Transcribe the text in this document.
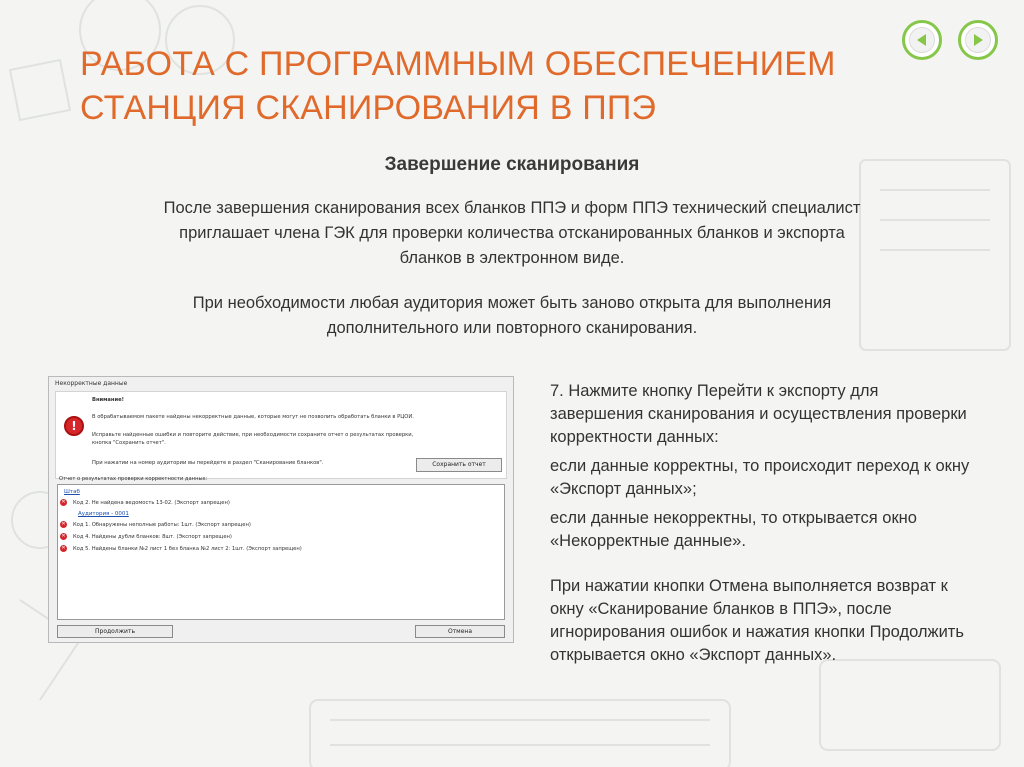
РАБОТА С ПРОГРАММНЫМ ОБЕСПЕЧЕНИЕМ
СТАНЦИЯ СКАНИРОВАНИЯ В ППЭ
Завершение сканирования

После завершения сканирования всех бланков ППЭ и форм ППЭ технический специалист приглашает члена ГЭК для проверки количества отсканированных бланков и экспорта бланков в электронном виде.

При необходимости любая аудитория может быть заново открыта для выполнения дополнительного или повторного сканирования.

Некорректные данные
!
Внимание!
В обрабатываемом пакете найдены некорректные данные, которые могут не позволить обработать бланки в РЦОИ.
Исправьте найденные ошибки и повторите действие, при необходимости сохраните отчет о результатах проверки,
кнопка "Сохранить отчет".
При нажатии на номер аудитории вы перейдете в раздел "Сканирование бланков".	Сохранить отчет
Отчет о результатах проверки корректности данных:
Штаб
✕ Код 2. Не найдена ведомость 13-02. (Экспорт запрещен)
Аудитория - 0001
✕ Код 1. Обнаружены неполные работы: 1шт. (Экспорт запрещен)
✕ Код 4. Найдены дубли бланков: 8шт. (Экспорт запрещен)
✕ Код 5. Найдены бланки №2 лист 1 без бланка №2 лист 2: 1шт. (Экспорт запрещен)
Продолжить	Отмена

7. Нажмите кнопку Перейти к экспорту для завершения сканирования и осуществления проверки корректности данных:

если данные корректны, то происходит переход к окну «Экспорт данных»;

если данные некорректны, то открывается окно «Некорректные данные».

При нажатии кнопки Отмена выполняется возврат к окну «Сканирование бланков в ППЭ», после игнорирования ошибок и нажатия кнопки Продолжить открывается окно «Экспорт данных».
